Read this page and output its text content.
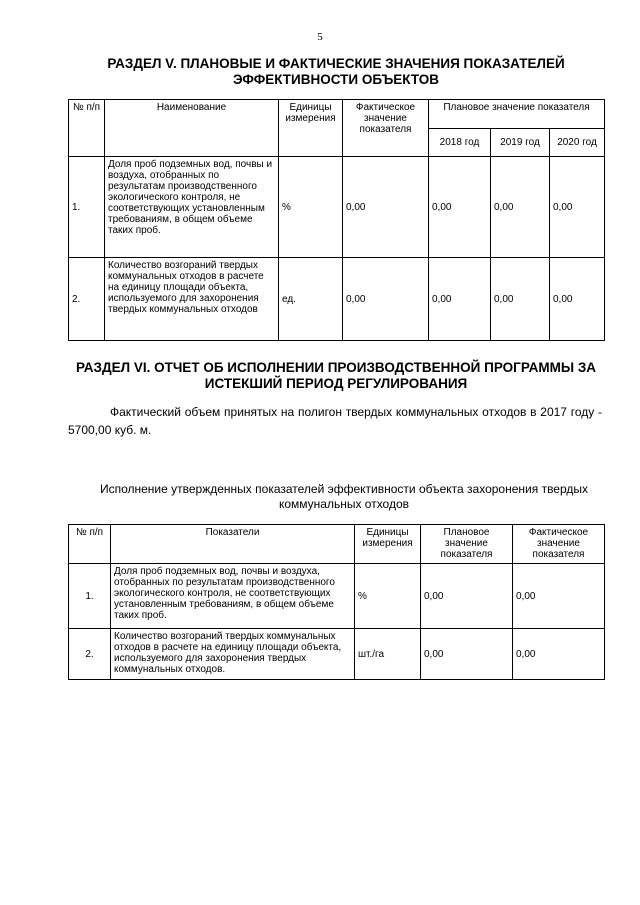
5
РАЗДЕЛ V. ПЛАНОВЫЕ И ФАКТИЧЕСКИЕ ЗНАЧЕНИЯ ПОКАЗАТЕЛЕЙ ЭФФЕКТИВНОСТИ ОБЪЕКТОВ
№ п/п	Наименование	Единицы измерения	Фактическое значение показателя	Плановое значение показателя		
				2018 год	2019 год	2020 год
1.	Доля проб подземных вод, почвы и воздуха, отобранных по результатам производственного экологического контроля, не соответствующих установленным требованиям, в общем объеме таких проб.	%	0,00	0,00	0,00	0,00
2.	Количество возгораний твердых коммунальных отходов в расчете на единицу площади объекта, используемого для захоронения твердых коммунальных отходов	ед.	0,00	0,00	0,00	0,00
РАЗДЕЛ VI. ОТЧЕТ ОБ ИСПОЛНЕНИИ ПРОИЗВОДСТВЕННОЙ ПРОГРАММЫ ЗА ИСТЕКШИЙ ПЕРИОД РЕГУЛИРОВАНИЯ
Фактический объем принятых на полигон твердых коммунальных отходов в 2017 году - 5700,00 куб. м.
Исполнение утвержденных показателей эффективности объекта захоронения твердых коммунальных отходов
№ п/п	Показатели	Единицы измерения	Плановое значение показателя	Фактическое значение показателя
1.	Доля проб подземных вод, почвы и воздуха, отобранных по результатам производственного экологического контроля, не соответствующих установленным требованиям, в общем объеме таких проб.	%	0,00	0,00
2.	Количество возгораний твердых коммунальных отходов в расчете на единицу площади объекта, используемого для захоронения твердых коммунальных отходов.	шт./га	0,00	0,00
